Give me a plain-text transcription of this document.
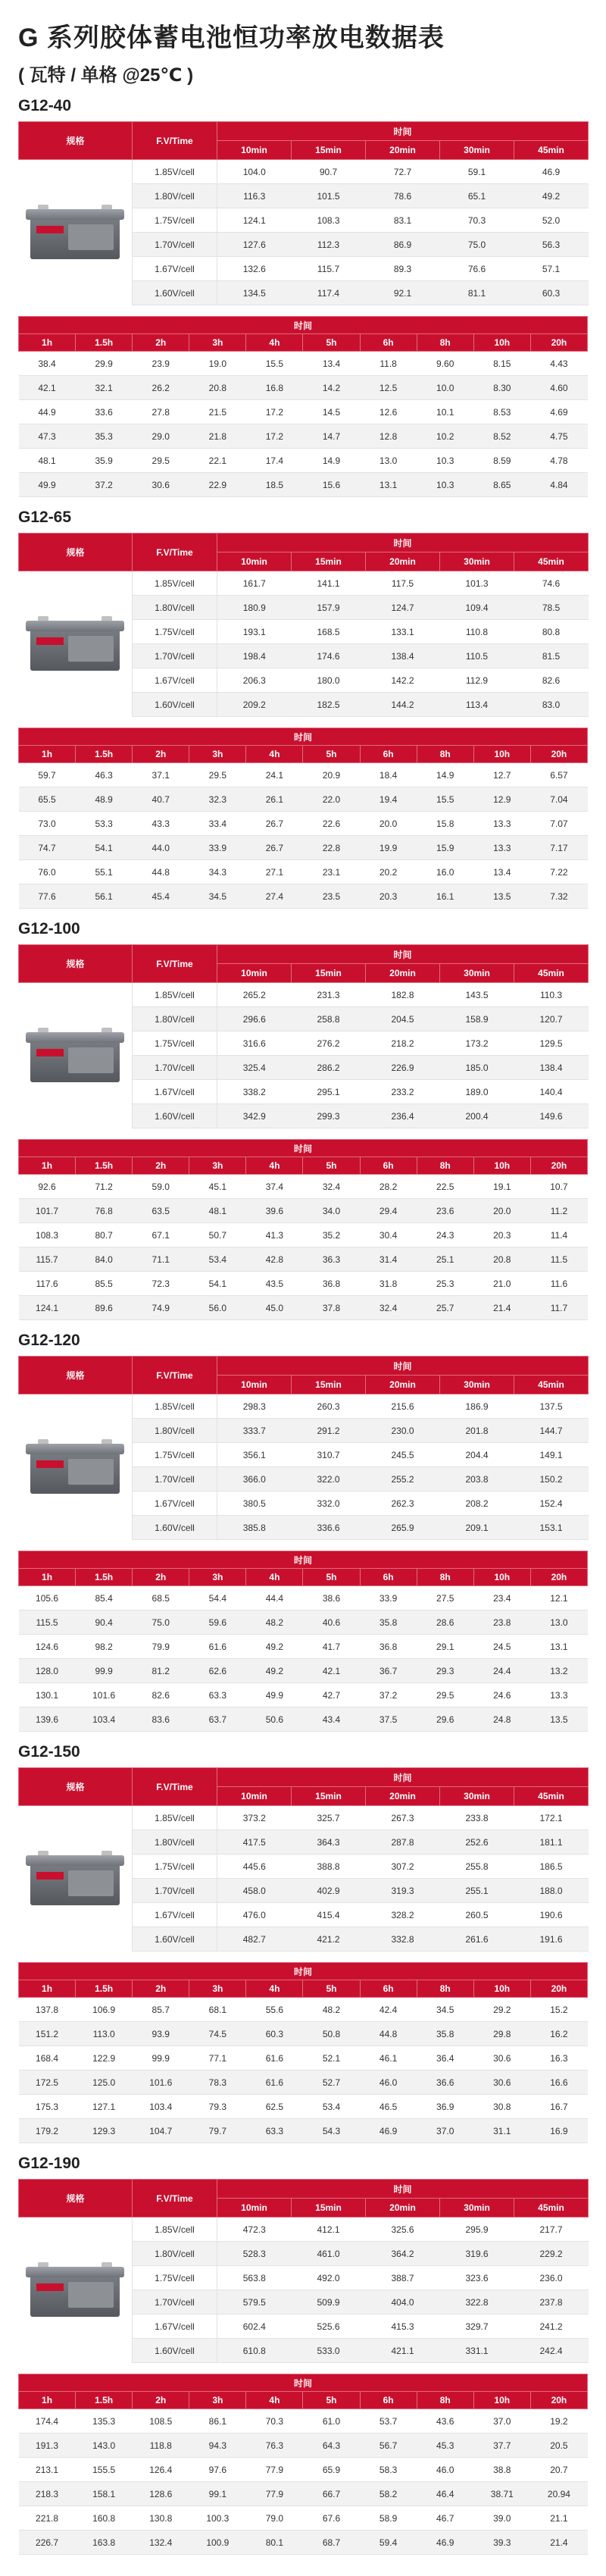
G 系列胶体蓄电池恒功率放电数据表
( 瓦特 / 单格 @25℃ )
G12-40
规格	F.V/Time	时间				
		10min	15min	20min	30min	45min

	1.85V/cell	104.0	90.7	72.7	59.1	46.9
	1.80V/cell	116.3	101.5	78.6	65.1	49.2
	1.75V/cell	124.1	108.3	83.1	70.3	52.0
	1.70V/cell	127.6	112.3	86.9	75.0	56.3
	1.67V/cell	132.6	115.7	89.3	76.6	57.1
	1.60V/cell	134.5	117.4	92.1	81.1	60.3
时间									
1h	1.5h	2h	3h	4h	5h	6h	8h	10h	20h
38.4	29.9	23.9	19.0	15.5	13.4	11.8	9.60	8.15	4.43
42.1	32.1	26.2	20.8	16.8	14.2	12.5	10.0	8.30	4.60
44.9	33.6	27.8	21.5	17.2	14.5	12.6	10.1	8.53	4.69
47.3	35.3	29.0	21.8	17.2	14.7	12.8	10.2	8.52	4.75
48.1	35.9	29.5	22.1	17.4	14.9	13.0	10.3	8.59	4.78
49.9	37.2	30.6	22.9	18.5	15.6	13.1	10.3	8.65	4.84
G12-65
规格	F.V/Time	时间				
		10min	15min	20min	30min	45min

	1.85V/cell	161.7	141.1	117.5	101.3	74.6
	1.80V/cell	180.9	157.9	124.7	109.4	78.5
	1.75V/cell	193.1	168.5	133.1	110.8	80.8
	1.70V/cell	198.4	174.6	138.4	110.5	81.5
	1.67V/cell	206.3	180.0	142.2	112.9	82.6
	1.60V/cell	209.2	182.5	144.2	113.4	83.0
时间									
1h	1.5h	2h	3h	4h	5h	6h	8h	10h	20h
59.7	46.3	37.1	29.5	24.1	20.9	18.4	14.9	12.7	6.57
65.5	48.9	40.7	32.3	26.1	22.0	19.4	15.5	12.9	7.04
73.0	53.3	43.3	33.4	26.7	22.6	20.0	15.8	13.3	7.07
74.7	54.1	44.0	33.9	26.7	22.8	19.9	15.9	13.3	7.17
76.0	55.1	44.8	34.3	27.1	23.1	20.2	16.0	13.4	7.22
77.6	56.1	45.4	34.5	27.4	23.5	20.3	16.1	13.5	7.32
G12-100
规格	F.V/Time	时间				
		10min	15min	20min	30min	45min

	1.85V/cell	265.2	231.3	182.8	143.5	110.3
	1.80V/cell	296.6	258.8	204.5	158.9	120.7
	1.75V/cell	316.6	276.2	218.2	173.2	129.5
	1.70V/cell	325.4	286.2	226.9	185.0	138.4
	1.67V/cell	338.2	295.1	233.2	189.0	140.4
	1.60V/cell	342.9	299.3	236.4	200.4	149.6
时间									
1h	1.5h	2h	3h	4h	5h	6h	8h	10h	20h
92.6	71.2	59.0	45.1	37.4	32.4	28.2	22.5	19.1	10.7
101.7	76.8	63.5	48.1	39.6	34.0	29.4	23.6	20.0	11.2
108.3	80.7	67.1	50.7	41.3	35.2	30.4	24.3	20.3	11.4
115.7	84.0	71.1	53.4	42.8	36.3	31.4	25.1	20.8	11.5
117.6	85.5	72.3	54.1	43.5	36.8	31.8	25.3	21.0	11.6
124.1	89.6	74.9	56.0	45.0	37.8	32.4	25.7	21.4	11.7
G12-120
规格	F.V/Time	时间				
		10min	15min	20min	30min	45min

	1.85V/cell	298.3	260.3	215.6	186.9	137.5
	1.80V/cell	333.7	291.2	230.0	201.8	144.7
	1.75V/cell	356.1	310.7	245.5	204.4	149.1
	1.70V/cell	366.0	322.0	255.2	203.8	150.2
	1.67V/cell	380.5	332.0	262.3	208.2	152.4
	1.60V/cell	385.8	336.6	265.9	209.1	153.1
时间									
1h	1.5h	2h	3h	4h	5h	6h	8h	10h	20h
105.6	85.4	68.5	54.4	44.4	38.6	33.9	27.5	23.4	12.1
115.5	90.4	75.0	59.6	48.2	40.6	35.8	28.6	23.8	13.0
124.6	98.2	79.9	61.6	49.2	41.7	36.8	29.1	24.5	13.1
128.0	99.9	81.2	62.6	49.2	42.1	36.7	29.3	24.4	13.2
130.1	101.6	82.6	63.3	49.9	42.7	37.2	29.5	24.6	13.3
139.6	103.4	83.6	63.7	50.6	43.4	37.5	29.6	24.8	13.5
G12-150
规格	F.V/Time	时间				
		10min	15min	20min	30min	45min

	1.85V/cell	373.2	325.7	267.3	233.8	172.1
	1.80V/cell	417.5	364.3	287.8	252.6	181.1
	1.75V/cell	445.6	388.8	307.2	255.8	186.5
	1.70V/cell	458.0	402.9	319.3	255.1	188.0
	1.67V/cell	476.0	415.4	328.2	260.5	190.6
	1.60V/cell	482.7	421.2	332.8	261.6	191.6
时间									
1h	1.5h	2h	3h	4h	5h	6h	8h	10h	20h
137.8	106.9	85.7	68.1	55.6	48.2	42.4	34.5	29.2	15.2
151.2	113.0	93.9	74.5	60.3	50.8	44.8	35.8	29.8	16.2
168.4	122.9	99.9	77.1	61.6	52.1	46.1	36.4	30.6	16.3
172.5	125.0	101.6	78.3	61.6	52.7	46.0	36.6	30.6	16.6
175.3	127.1	103.4	79.3	62.5	53.4	46.5	36.9	30.8	16.7
179.2	129.3	104.7	79.7	63.3	54.3	46.9	37.0	31.1	16.9
G12-190
规格	F.V/Time	时间				
		10min	15min	20min	30min	45min

	1.85V/cell	472.3	412.1	325.6	295.9	217.7
	1.80V/cell	528.3	461.0	364.2	319.6	229.2
	1.75V/cell	563.8	492.0	388.7	323.6	236.0
	1.70V/cell	579.5	509.9	404.0	322.8	237.8
	1.67V/cell	602.4	525.6	415.3	329.7	241.2
	1.60V/cell	610.8	533.0	421.1	331.1	242.4
时间									
1h	1.5h	2h	3h	4h	5h	6h	8h	10h	20h
174.4	135.3	108.5	86.1	70.3	61.0	53.7	43.6	37.0	19.2
191.3	143.0	118.8	94.3	76.3	64.3	56.7	45.3	37.7	20.5
213.1	155.5	126.4	97.6	77.9	65.9	58.3	46.0	38.8	20.7
218.3	158.1	128.6	99.1	77.9	66.7	58.2	46.4	38.71	20.94
221.8	160.8	130.8	100.3	79.0	67.6	58.9	46.7	39.0	21.1
226.7	163.8	132.4	100.9	80.1	68.7	59.4	46.9	39.3	21.4
